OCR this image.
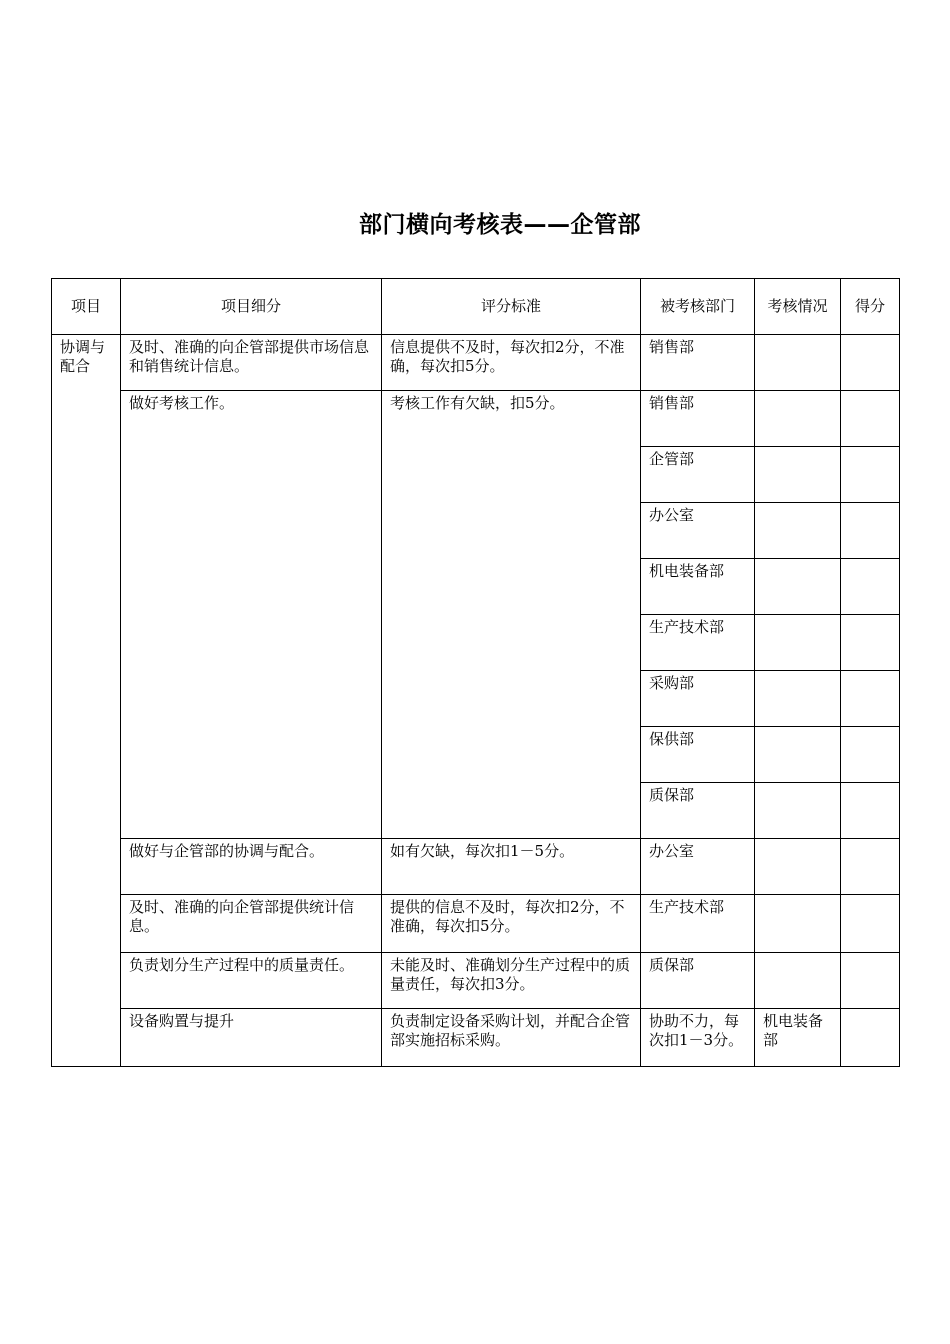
部门横向考核表——企管部
项目	项目细分	评分标准	被考核部门	考核情况	得分	
协调与配合	及时、准确的向企管部提供市场信息和销售统计信息。	信息提供不及时，每次扣2分，不准确，每次扣5分。	销售部			
	做好考核工作。	考核工作有欠缺，扣5分。	销售部			
			企管部			
			办公室			
			机电装备部			
			生产技术部			
			采购部			
			保供部			
			质保部			
	做好与企管部的协调与配合。	如有欠缺，每次扣1－5分。	办公室			
	及时、准确的向企管部提供统计信息。	提供的信息不及时，每次扣2分，不准确，每次扣5分。	生产技术部			
	负责划分生产过程中的质量责任。	未能及时、准确划分生产过程中的质量责任，每次扣3分。	质保部			
	设备购置与提升	负责制定设备采购计划，并配合企管部实施招标采购。	协助不力，每次扣1－3分。	机电装备部		
